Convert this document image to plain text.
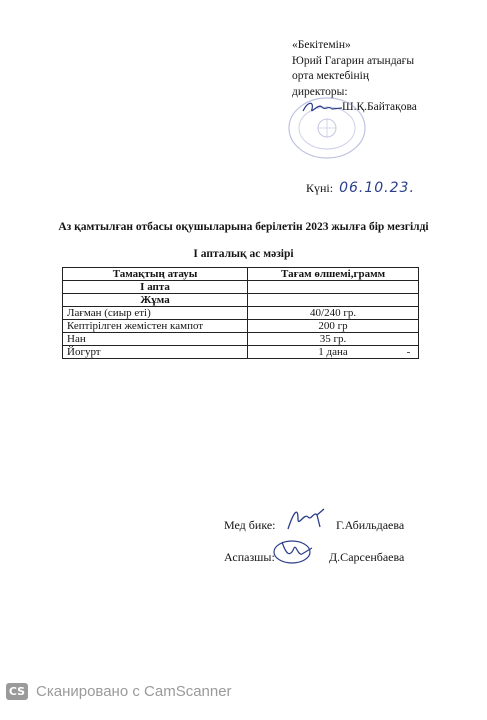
«Бекітемін»
Юрий Гагарин атындағы
орта мектебінің
директоры:
Ш.Қ.Байтақова
Күні: 06.10.23.
Аз қамтылған отбасы оқушыларына берілетін 2023 жылға бір мезгілді
I апталық ас мәзірі
Тамақтың атауы	Тағам өлшемі,грамм
I апта	
Жұма	
Лағман (сиыр еті)	40/240 гр.
Кептірілген жемістен кампот	200 гр
Нан	35 гр.
Йогурт	1 дана
Мед бике:	Г.Абильдаева
Аспазшы:	Д.Сарсенбаева
CS Сканировано с CamScanner
